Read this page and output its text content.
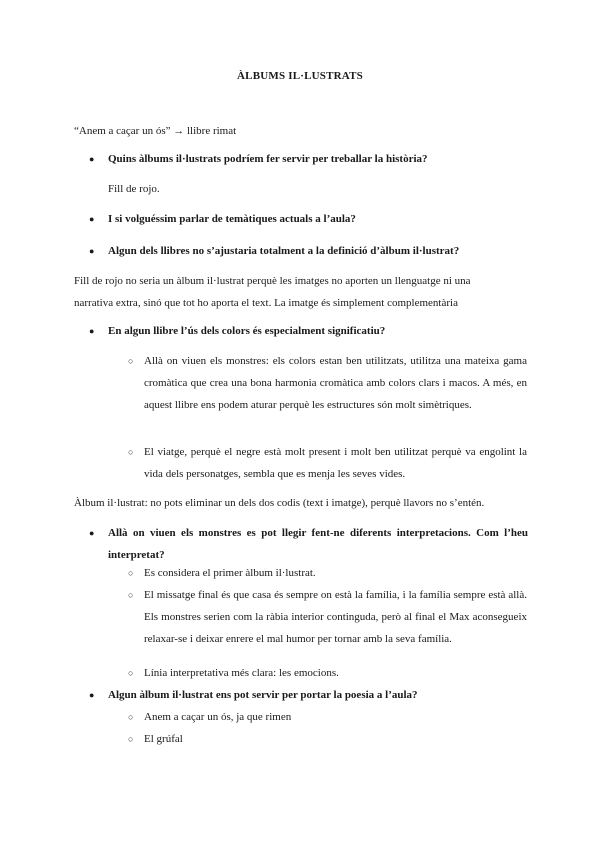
ÀLBUMS IL·LUSTRATS
“Anem a caçar un ós” → llibre rimat
● Quins àlbums il·lustrats podríem fer servir per treballar la història?
Fill de rojo.
● I si volguéssim parlar de temàtiques actuals a l’aula?
● Algun dels llibres no s’ajustaria totalment a la definició d’àlbum il·lustrat?
Fill de rojo no seria un àlbum il·lustrat perquè les imatges no aporten un llenguatge ni una
narrativa extra, sinó que tot ho aporta el text. La imatge és simplement complementària
● En algun llibre l’ús dels colors és especialment significatiu?
○ Allà on viuen els monstres: els colors estan ben utilitzats, utilitza una mateixa gama cromàtica que crea una bona harmonia cromàtica amb colors clars i macos. A més, en aquest llibre ens podem aturar perquè les estructures són molt simètriques.
○ El viatge, perquè el negre està molt present i molt ben utilitzat perquè va engolint la vida dels personatges, sembla que es menja les seves vides.
Àlbum il·lustrat: no pots eliminar un dels dos codis (text i imatge), perquè llavors no s’entén.
● Allà on viuen els monstres es pot llegir fent-ne diferents interpretacions. Com l’heu interpretat?
○ Es considera el primer àlbum il·lustrat.
○ El missatge final és que casa és sempre on està la família, i la família sempre està allà. Els monstres serien com la ràbia interior continguda, però al final el Max aconsegueix relaxar-se i deixar enrere el mal humor per tornar amb la seva família.
○ Línia interpretativa més clara: les emocions.
● Algun àlbum il·lustrat ens pot servir per portar la poesia a l’aula?
○ Anem a caçar un ós, ja que rimen
○ El grúfal
